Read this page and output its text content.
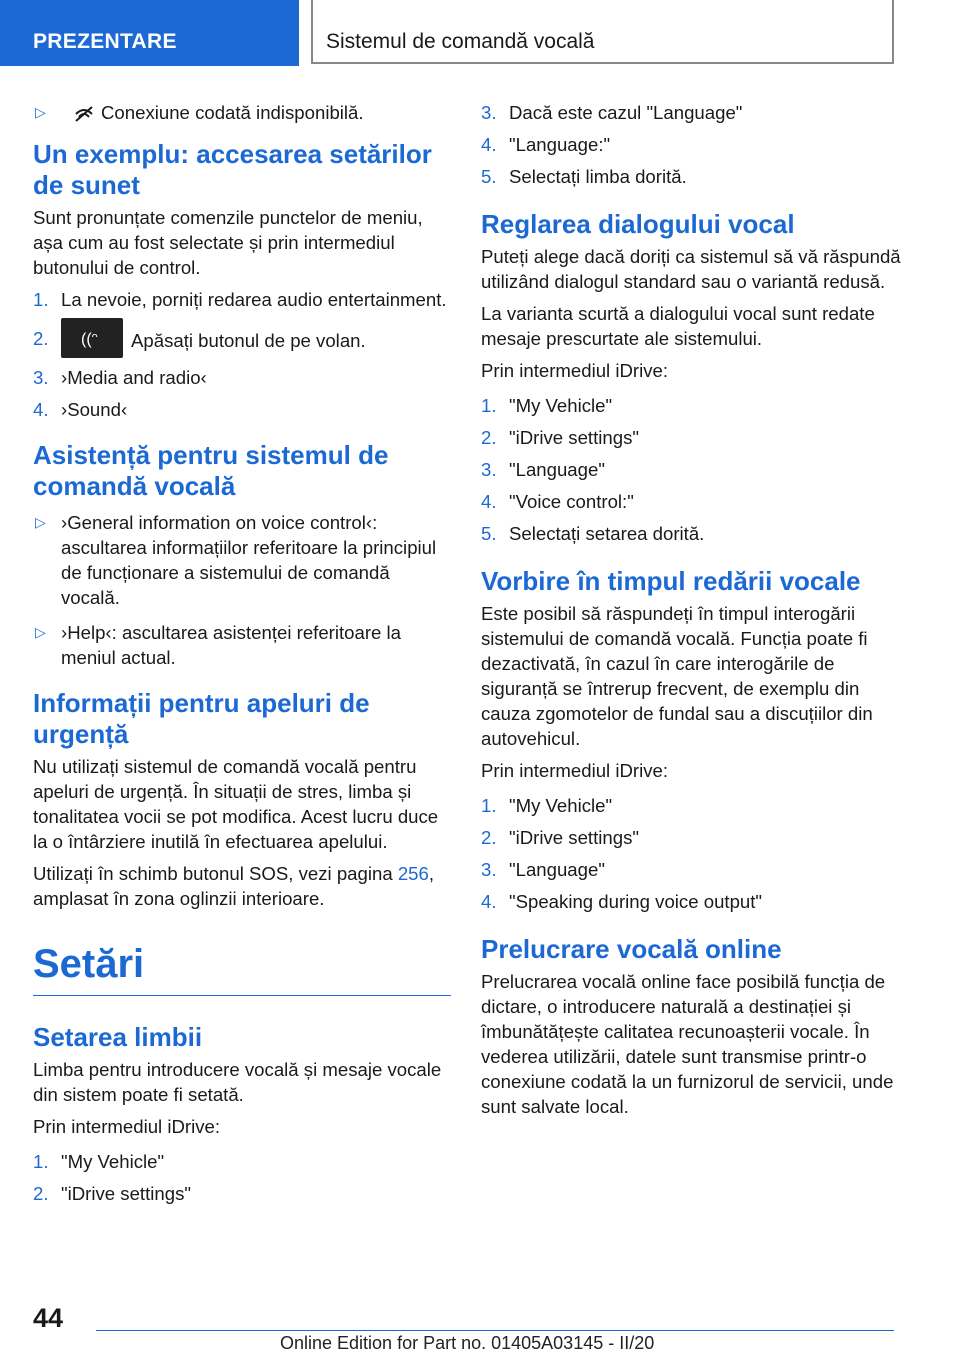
PREZENTARE	Sistemul de comandă vocală
▷	Conexiune codată indisponibilă.
Un exemplu: accesarea setărilor de sunet

Sunt pronunțate comenzile punctelor de meniu, așa cum au fost selectate și prin intermediul butonului de control.

1. La nevoie, porniți redarea audio entertainment.
2. ((ᵔ Apăsați butonul de pe volan.
3. ›Media and radio‹
4. ›Sound‹
Asistență pentru sistemul de comandă vocală
▷ ›General information on voice control‹: ascultarea informațiilor referitoare la principiul de funcționare a sistemului de comandă vocală.
▷ ›Help‹: ascultarea asistenței referitoare la meniul actual.
Informații pentru apeluri de urgență

Nu utilizați sistemul de comandă vocală pentru apeluri de urgență. În situații de stres, limba și tonalitatea vocii se pot modifica. Acest lucru duce la o întârziere inutilă în efectuarea apelului.

Utilizați în schimb butonul SOS, vezi pagina 256, amplasat în zona oglinzii interioare.

Setări
Setarea limbii

Limba pentru introducere vocală și mesaje vocale din sistem poate fi setată.

Prin intermediul iDrive:

1. "My Vehicle"
2. "iDrive settings"
3. Dacă este cazul "Language"
4. "Language:"
5. Selectați limba dorită.
Reglarea dialogului vocal

Puteți alege dacă doriți ca sistemul să vă răspundă utilizând dialogul standard sau o variantă redusă.

La varianta scurtă a dialogului vocal sunt redate mesaje prescurtate ale sistemului.

Prin intermediul iDrive:

1. "My Vehicle"
2. "iDrive settings"
3. "Language"
4. "Voice control:"
5. Selectați setarea dorită.
Vorbire în timpul redării vocale

Este posibil să răspundeți în timpul interogării sistemului de comandă vocală. Funcția poate fi dezactivată, în cazul în care interogările de siguranță se întrerup frecvent, de exemplu din cauza zgomotelor de fundal sau a discuțiilor din autovehicul.

Prin intermediul iDrive:

1. "My Vehicle"
2. "iDrive settings"
3. "Language"
4. "Speaking during voice output"
Prelucrare vocală online

Prelucrarea vocală online face posibilă funcția de dictare, o introducere naturală a destinației și îmbunătățește calitatea recunoașterii vocale. În vederea utilizării, datele sunt transmise printr-o conexiune codată la un furnizorul de servicii, unde sunt salvate local.

44
Online Edition for Part no. 01405A03145 - II/20
